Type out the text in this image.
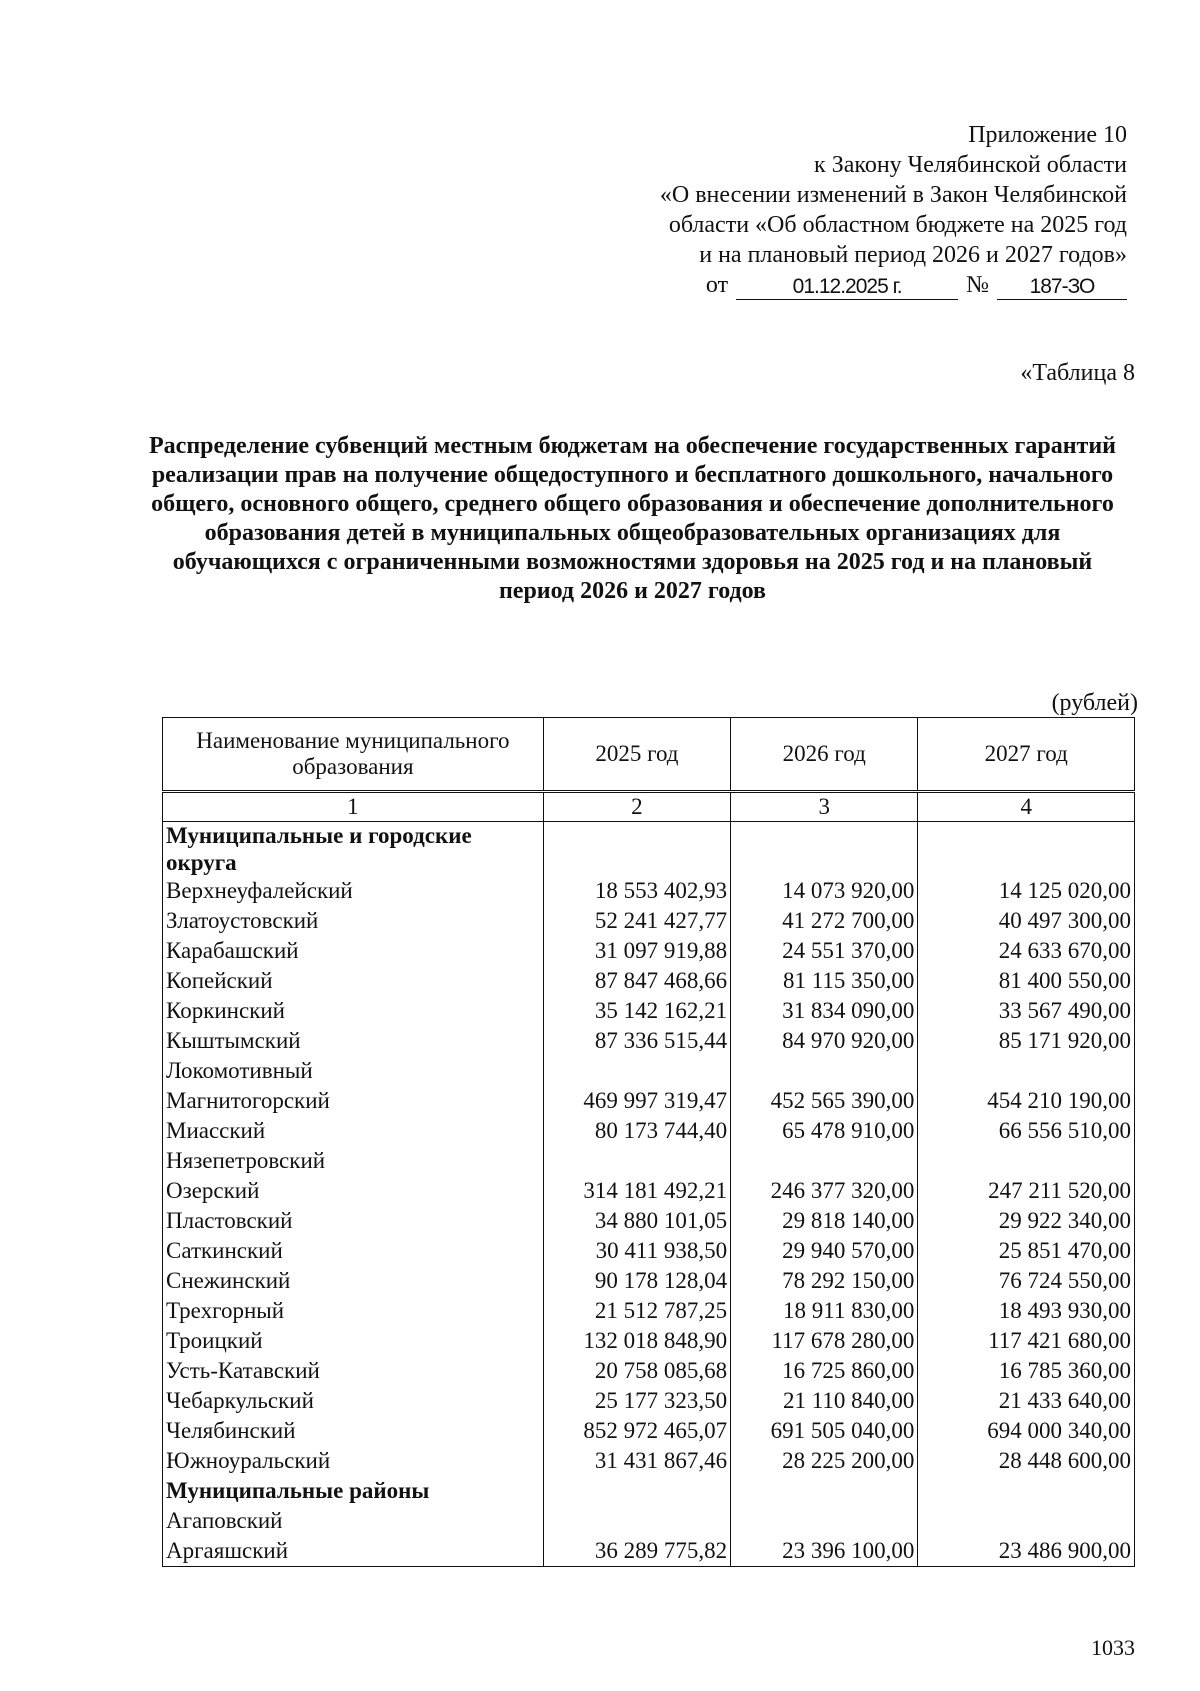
Приложение 10
к Закону Челябинской области
«О внесении изменений в Закон Челябинской
области «Об областном бюджете на 2025 год
и на плановый период 2026 и 2027 годов»
от	01.12.2025 г.	№	187-ЗО
«Таблица 8
Распределение субвенций местным бюджетам на обеспечение государственных гарантий реализации прав на получение общедоступного и бесплатного дошкольного, начального общего, основного общего, среднего общего образования и обеспечение дополнительного образования детей в муниципальных общеобразовательных организациях для обучающихся с ограниченными возможностями здоровья на 2025 год и на плановый период 2026 и 2027 годов
(рублей)
Наименование муниципального образования	2025 год	2026 год	2027 год
1	2	3	4
Муниципальные и городские округа			
Верхнеуфалейский	18 553 402,93	14 073 920,00	14 125 020,00
Златоустовский	52 241 427,77	41 272 700,00	40 497 300,00
Карабашский	31 097 919,88	24 551 370,00	24 633 670,00
Копейский	87 847 468,66	81 115 350,00	81 400 550,00
Коркинский	35 142 162,21	31 834 090,00	33 567 490,00
Кыштымский	87 336 515,44	84 970 920,00	85 171 920,00
Локомотивный			
Магнитогорский	469 997 319,47	452 565 390,00	454 210 190,00
Миасский	80 173 744,40	65 478 910,00	66 556 510,00
Нязепетровский			
Озерский	314 181 492,21	246 377 320,00	247 211 520,00
Пластовский	34 880 101,05	29 818 140,00	29 922 340,00
Саткинский	30 411 938,50	29 940 570,00	25 851 470,00
Снежинский	90 178 128,04	78 292 150,00	76 724 550,00
Трехгорный	21 512 787,25	18 911 830,00	18 493 930,00
Троицкий	132 018 848,90	117 678 280,00	117 421 680,00
Усть-Катавский	20 758 085,68	16 725 860,00	16 785 360,00
Чебаркульский	25 177 323,50	21 110 840,00	21 433 640,00
Челябинский	852 972 465,07	691 505 040,00	694 000 340,00
Южноуральский	31 431 867,46	28 225 200,00	28 448 600,00
Муниципальные районы			
Агаповский			
Аргаяшский	36 289 775,82	23 396 100,00	23 486 900,00
1033
